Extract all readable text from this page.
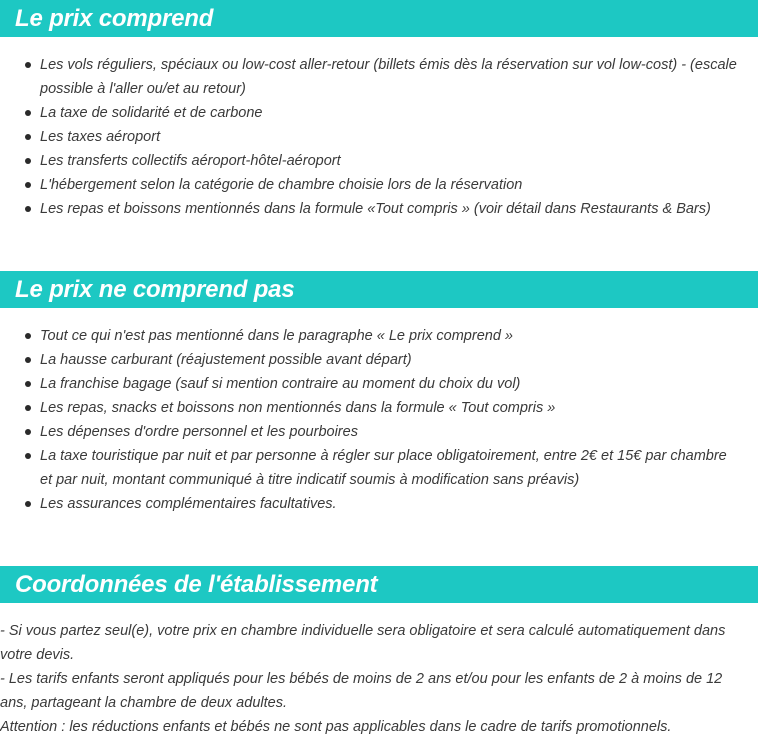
Le prix comprend
Les vols réguliers, spéciaux ou low-cost aller-retour (billets émis dès la réservation sur vol low-cost) - (escale possible à l'aller ou/et au retour)
La taxe de solidarité et de carbone
Les taxes aéroport
Les transferts collectifs aéroport-hôtel-aéroport
L'hébergement selon la catégorie de chambre choisie lors de la réservation
Les repas et boissons mentionnés dans la formule «Tout compris » (voir détail dans Restaurants & Bars)
Le prix ne comprend pas
Tout ce qui n'est pas mentionné dans le paragraphe « Le prix comprend »
La hausse carburant (réajustement possible avant départ)
La franchise bagage (sauf si mention contraire au moment du choix du vol)
Les repas, snacks et boissons non mentionnés dans la formule « Tout compris »
Les dépenses d'ordre personnel et les pourboires
La taxe touristique par nuit et par personne à régler sur place obligatoirement, entre 2€ et 15€ par chambre et par nuit, montant communiqué à titre indicatif soumis à modification sans préavis)
Les assurances complémentaires facultatives.
Coordonnées de l'établissement

- Si vous partez seul(e), votre prix en chambre individuelle sera obligatoire et sera calculé automatiquement dans votre devis.

- Les tarifs enfants seront appliqués pour les bébés de moins de 2 ans et/ou pour les enfants de 2 à moins de 12 ans, partageant la chambre de deux adultes.

Attention : les réductions enfants et bébés ne sont pas applicables dans le cadre de tarifs promotionnels.
